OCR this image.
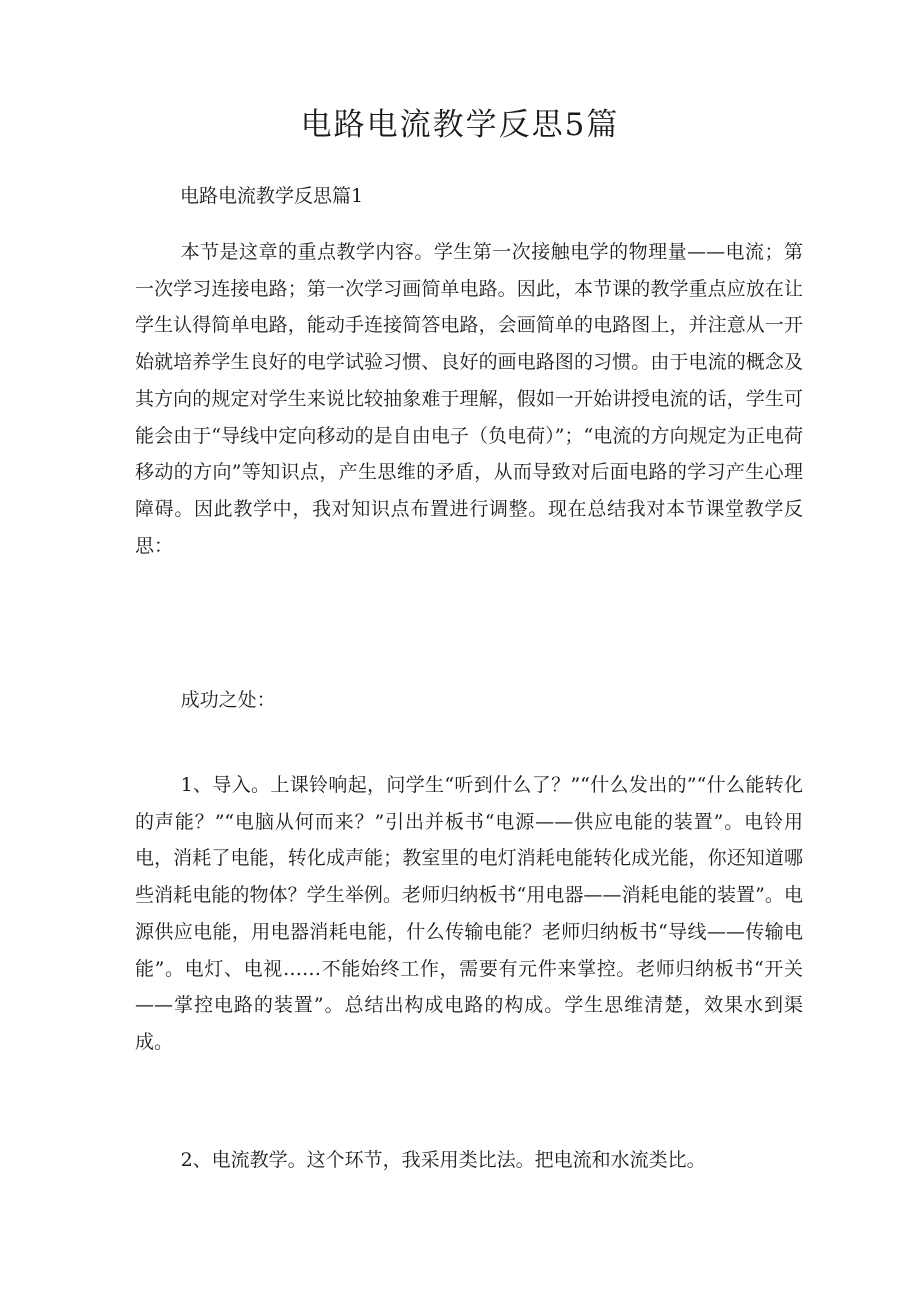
电路电流教学反思5篇

电路电流教学反思篇1

本节是这章的重点教学内容。学生第一次接触电学的物理量——电流；第一次学习连接电路；第一次学习画简单电路。因此，本节课的教学重点应放在让学生认得简单电路，能动手连接简答电路，会画简单的电路图上，并注意从一开始就培养学生良好的电学试验习惯、良好的画电路图的习惯。由于电流的概念及其方向的规定对学生来说比较抽象难于理解，假如一开始讲授电流的话，学生可能会由于“导线中定向移动的是自由电子（负电荷）”；“电流的方向规定为正电荷移动的方向”等知识点，产生思维的矛盾，从而导致对后面电路的学习产生心理障碍。因此教学中，我对知识点布置进行调整。现在总结我对本节课堂教学反思：

成功之处：

1、导入。上课铃响起，问学生“听到什么了？”“什么发出的”“什么能转化的声能？”“电脑从何而来？”引出并板书“电源——供应电能的装置”。电铃用电，消耗了电能，转化成声能；教室里的电灯消耗电能转化成光能，你还知道哪些消耗电能的物体？学生举例。老师归纳板书“用电器——消耗电能的装置”。电源供应电能，用电器消耗电能，什么传输电能？老师归纳板书“导线——传输电能”。电灯、电视……不能始终工作，需要有元件来掌控。老师归纳板书“开关——掌控电路的装置”。总结出构成电路的构成。学生思维清楚，效果水到渠成。

2、电流教学。这个环节，我采用类比法。把电流和水流类比。
